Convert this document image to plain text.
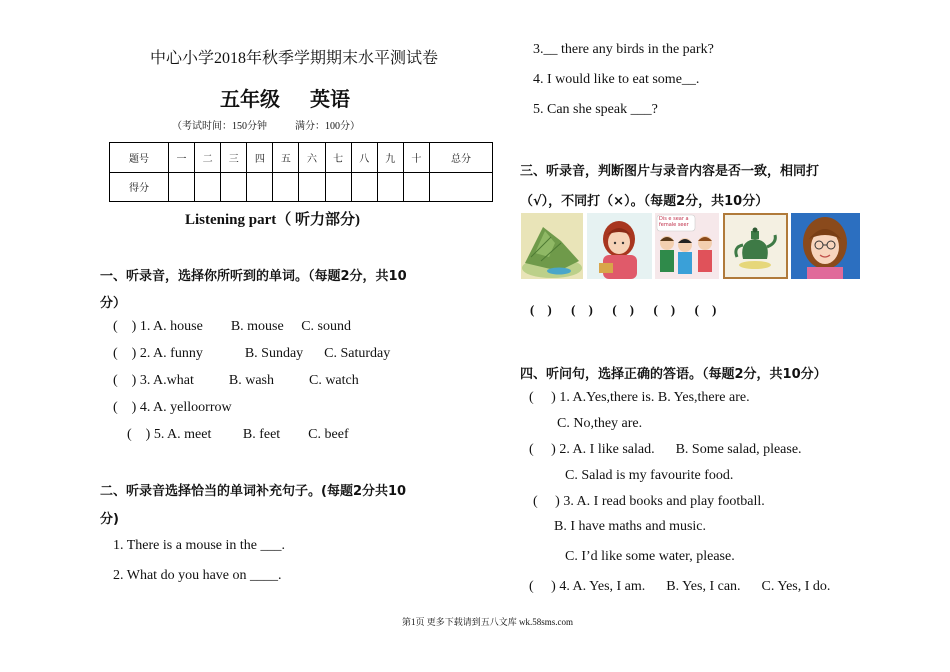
中心小学2018年秋季学期期末水平测试卷
五年级 英语
（考试时间：150分钟	满分：100分）
题号	一	二	三	四	五	六	七	八	九	十	总分
得分											
Listening part（ 听力部分)
一、听录音，选择你所听到的单词。（每题2分，共10
分）
(    ) 1. A. house        B. mouse     C. sound
(    ) 2. A. funny            B. Sunday      C. Saturday
(    ) 3. A.what          B. wash          C. watch
(    ) 4. A. yelloorrow
(    ) 5. A. meet         B. feet        C. beef
二、听录音选择恰当的单词补充句子。(每题2分共10
分)
1. There is a mouse in the ___.
2. What do you have on ____.
3.__ there any birds in the park?
4. I would like to eat some__.
5. Can she speak ___?
三、听录音，判断图片与录音内容是否一致，相同打
（√），不同打（×）。（每题2分，共10分）
Dis e sear a female seer
(    )      (    )      (    )      (    )      (    )
四、听问句，选择正确的答语。（每题2分，共10分）
(     ) 1. A.Yes,there is. B. Yes,there are.
C. No,they are.
(     ) 2. A. I like salad.      B. Some salad, please.
C. Salad is my favourite food.
(     ) 3. A. I read books and play football.
B. I have maths and music.
C. I’d like some water, please.
(     ) 4. A. Yes, I am.      B. Yes, I can.      C. Yes, I do.
第1页 更多下载请到五八文库 wk.58sms.com
